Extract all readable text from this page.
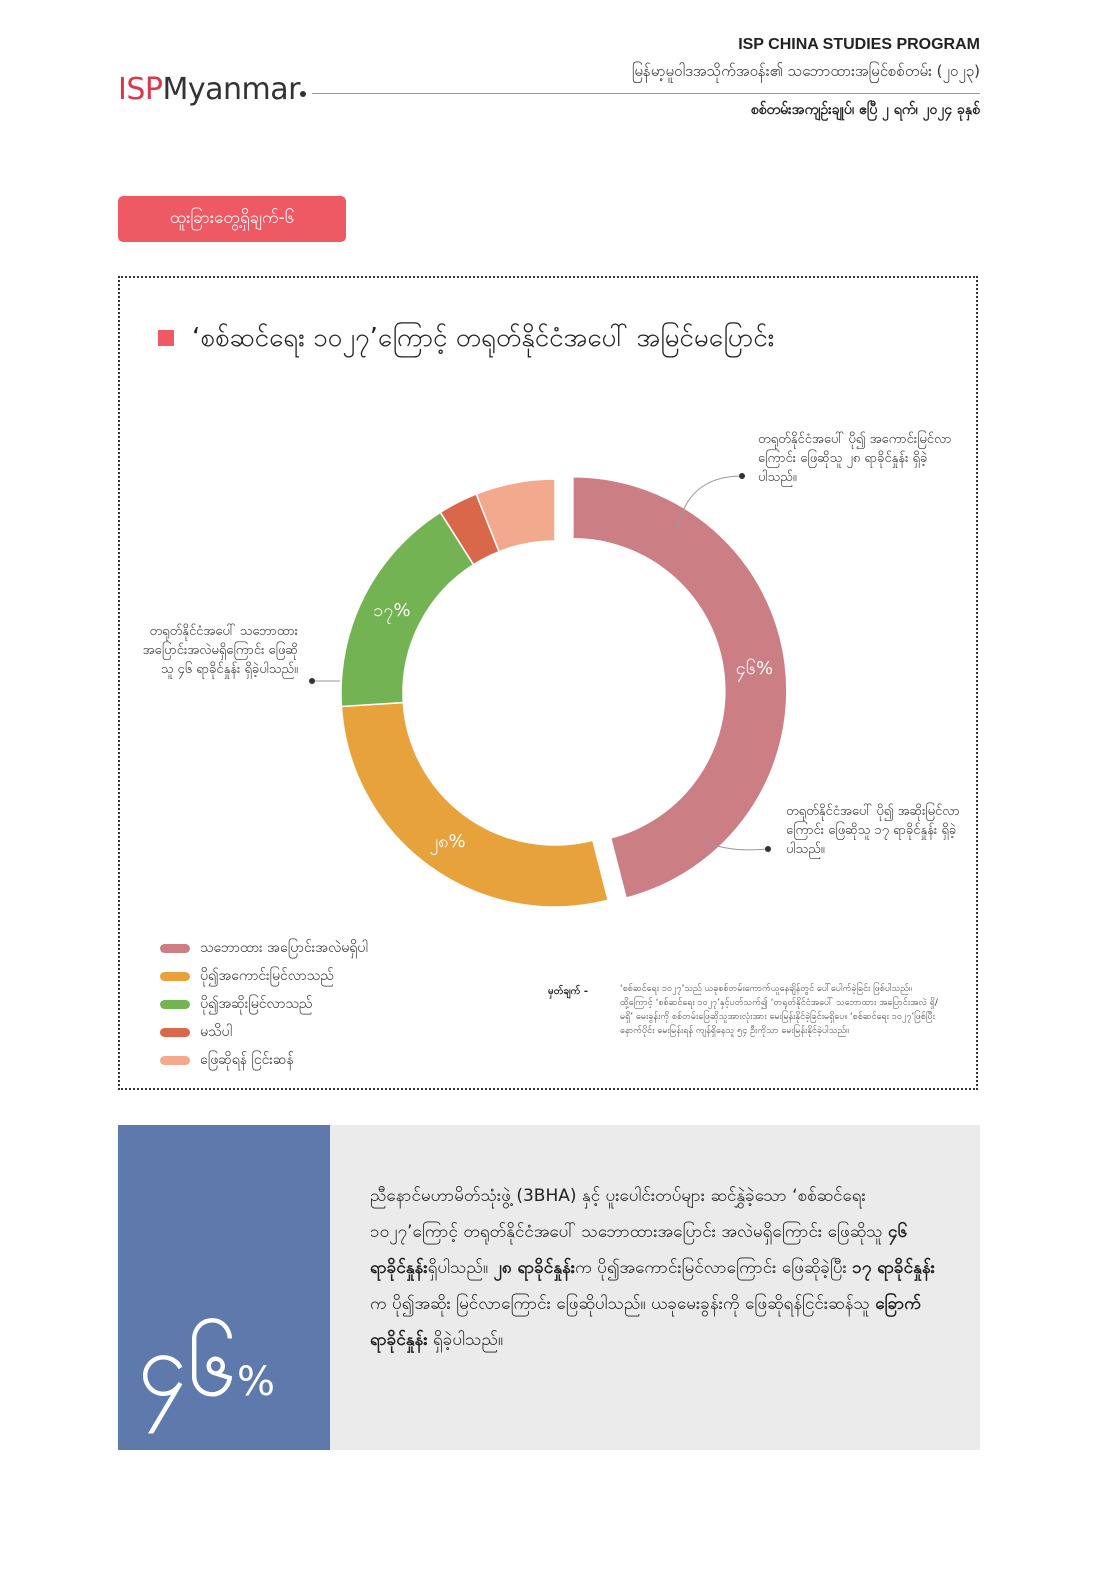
ISPMyanmar
ISP CHINA STUDIES PROGRAM
မြန်မာ့မူဝါဒအသိုက်အဝန်း၏ သဘောထားအမြင်စစ်တမ်း (၂၀၂၃)
စစ်တမ်းအကျဉ်းချုပ်၊ ဧပြီ ၂ ရက်၊ ၂၀၂၄ ခုနှစ်
ထူးခြားတွေ့ရှိချက်-၆
‘စစ်ဆင်ရေး ၁၀၂၇’ကြောင့် တရုတ်နိုင်ငံအပေါ် အမြင်မပြောင်း
၄၆%
၂၈%
၁၇%
တရုတ်နိုင်ငံအပေါ် သဘောထား အပြောင်းအလဲမရှိကြောင်း ဖြေဆိုသူ ၄၆ ရာခိုင်နှုန်း ရှိခဲ့ပါသည်။
တရုတ်နိုင်ငံအပေါ် ပို၍ အကောင်းမြင်လာကြောင်း ဖြေဆိုသူ ၂၈ ရာခိုင်နှုန်း ရှိခဲ့ပါသည်။
တရုတ်နိုင်ငံအပေါ် ပို၍ အဆိုးမြင်လာကြောင်း ဖြေဆိုသူ ၁၇ ရာခိုင်နှုန်း ရှိခဲ့ပါသည်။
သဘောထား အပြောင်းအလဲမရှိပါ
ပို၍အကောင်းမြင်လာသည်
ပို၍အဆိုးမြင်လာသည်
မသိပါ
ဖြေဆိုရန် ငြင်းဆန်
မှတ်ချက် -	‘စစ်ဆင်ရေး ၁၀၂၇’သည် ယခုစစ်တမ်းကောက်ယူနေချိန်တွင် ပေါ်ပေါက်ခဲ့ခြင်း ဖြစ်ပါသည်။ ထို့ကြောင့် ‘စစ်ဆင်ရေး ၁၀၂၇’နှင့်ပတ်သက်၍ ‘တရုတ်နိုင်ငံအပေါ် သဘောထား အပြောင်းအလဲ ရှိ/ မရှိ’ မေးခွန်းကို စစ်တမ်းဖြေဆိုသူအားလုံးအား မေးမြန်းနိုင်ခဲ့ခြင်းမရှိပေ။ ‘စစ်ဆင်ရေး ၁၀၂၇’ဖြစ်ပြီးနောက်ပိုင်း မေးမြန်းရန် ကျန်ရှိနေသူ ၅၄ ဦးကိုသာ မေးမြန်းနိုင်ခဲ့ပါသည်။
၄၆%
ညီနောင်မဟာမိတ်သုံးဖွဲ့ (3BHA) နှင့် ပူးပေါင်းတပ်များ ဆင်နွှဲခဲ့သော ‘စစ်ဆင်ရေး ၁၀၂၇’ကြောင့် တရုတ်နိုင်ငံအပေါ် သဘောထားအပြောင်း အလဲမရှိကြောင်း ဖြေဆိုသူ ၄၆ ရာခိုင်နှုန်းရှိပါသည်။ ၂၈ ရာခိုင်နှုန်းက ပို၍အကောင်းမြင်လာကြောင်း ဖြေဆိုခဲ့ပြီး ၁၇ ရာခိုင်နှုန်းက ပို၍အဆိုး မြင်လာကြောင်း ဖြေဆိုပါသည်။ ယခုမေးခွန်းကို ဖြေဆိုရန်ငြင်းဆန်သူ ခြောက်ရာခိုင်နှုန်း ရှိခဲ့ပါသည်။
